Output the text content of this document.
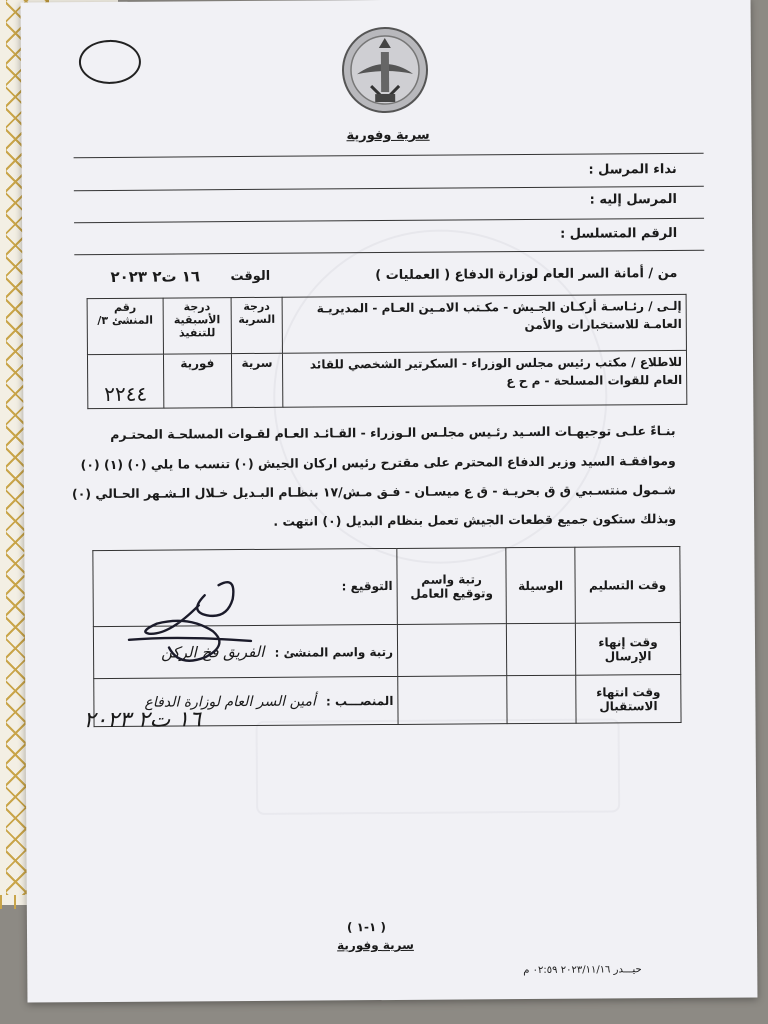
سرية وفورية
نداء المرسل :
المرسل إليه :
الرقم المتسلسل :
من / أمانة السر العام لوزارة الدفاع ( العمليات )
الوقت
١٦ ت٢ ٢٠٢٣
إلـى / رئـاسـة أركـان الجـيش - مكـتب الامـين العـام - المديريـة العامـة للاستخبارات والأمن	درجة السرية	درجة الأسبقية للتنفيذ	رقم المنشئ ٣/
للاطلاع / مكتب رئيس مجلس الوزراء - السكرتير الشخصي للقائد العام للقوات المسلحة - م ح ع	سرية	فورية	٢٢٤٤
بنـاءً علـى توجيهـات السـيد رئـيس مجلـس الـوزراء - القـائـد العـام لقـوات المسلحـة المحتـرم
وموافقـة السيد وزير الدفاع المحترم على مقترح رئيس اركان الجيش (٠) تنسب ما يلي (٠) (١) (٠)
شـمول منتسـبي ق ق بحريـة - ق ع ميسـان - فـق مـش/١٧ بنظـام البـديل خـلال الـشـهر الحـالي (٠)
وبذلك ستكون جميع قطعات الجيش تعمل بنظام البديل (٠) انتهت .
وقت التسليم	الوسيلة	رتبة واسم وتوقيع العامل	التوقيع :
وقت إنهاء الإرسال			رتبة واسم المنشئ : الفريق فخ الركن
وقت انتهاء الاستقبال			المنصـــب : أمين السر العام لوزارة الدفاع
١٦ ت٢ ٢٠٢٣
( ١-١ )
سرية وفورية
حيـــدر ٢٠٢٣/١١/١٦ ٠٢:٥٩ م
